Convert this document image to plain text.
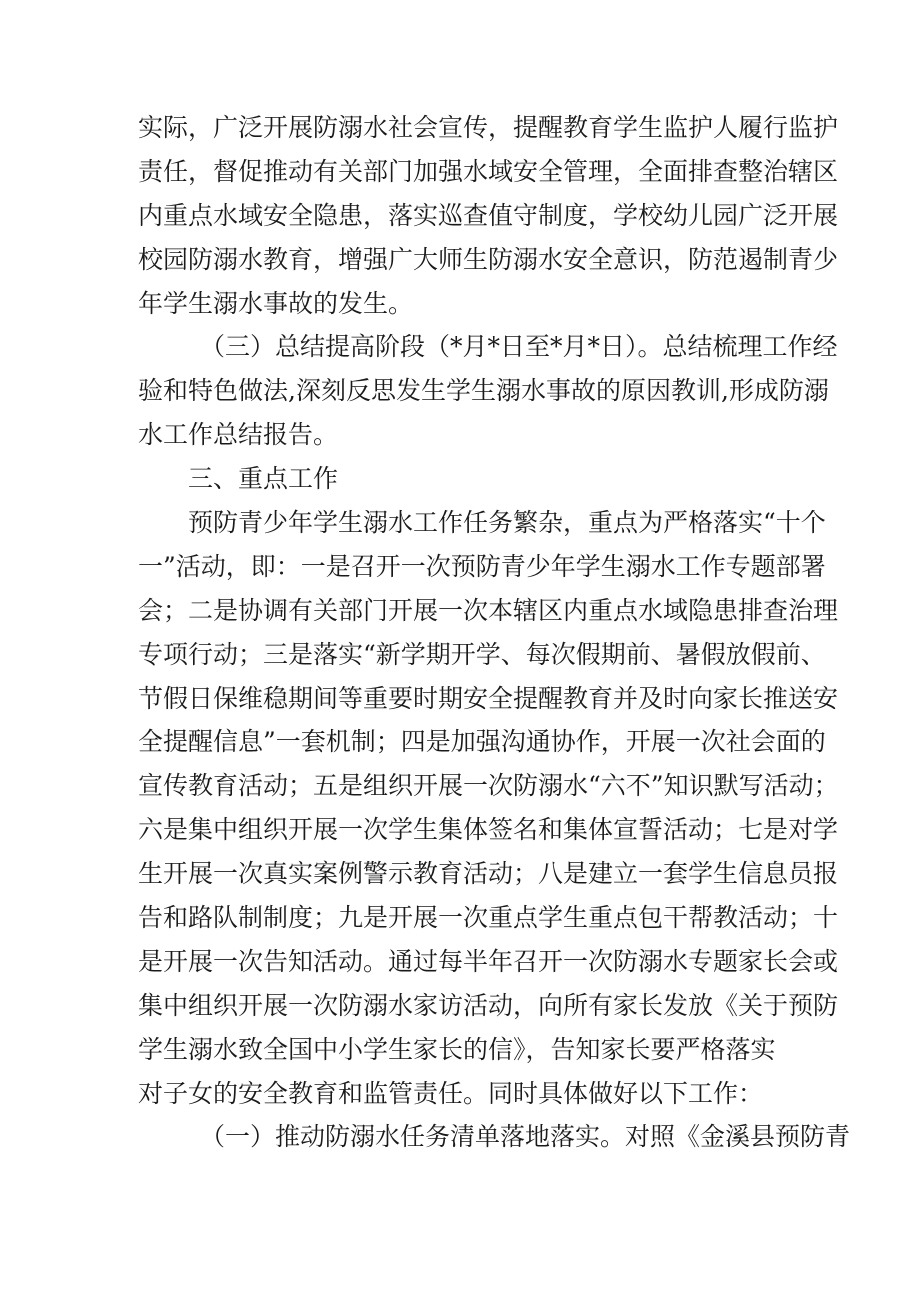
实际，广泛开展防溺水社会宣传，提醒教育学生监护人履行监护
责任，督促推动有关部门加强水域安全管理，全面排查整治辖区
内重点水域安全隐患，落实巡查值守制度，学校幼儿园广泛开展
校园防溺水教育，增强广大师生防溺水安全意识，防范遏制青少
年学生溺水事故的发生。
（三）总结提高阶段（*月*日至*月*日）。总结梳理工作经
验和特色做法,深刻反思发生学生溺水事故的原因教训,形成防溺
水工作总结报告。
三、重点工作
预防青少年学生溺水工作任务繁杂，重点为严格落实“十个
一”活动，即：一是召开一次预防青少年学生溺水工作专题部署
会；二是协调有关部门开展一次本辖区内重点水域隐患排查治理
专项行动；三是落实“新学期开学、每次假期前、暑假放假前、
节假日保维稳期间等重要时期安全提醒教育并及时向家长推送安
全提醒信息”一套机制；四是加强沟通协作，开展一次社会面的
宣传教育活动；五是组织开展一次防溺水“六不”知识默写活动；
六是集中组织开展一次学生集体签名和集体宣誓活动；七是对学
生开展一次真实案例警示教育活动；八是建立一套学生信息员报
告和路队制制度；九是开展一次重点学生重点包干帮教活动；十
是开展一次告知活动。通过每半年召开一次防溺水专题家长会或
集中组织开展一次防溺水家访活动，向所有家长发放《关于预防
学生溺水致全国中小学生家长的信》，告知家长要严格落实
对子女的安全教育和监管责任。同时具体做好以下工作：
（一）推动防溺水任务清单落地落实。对照《金溪县预防青
